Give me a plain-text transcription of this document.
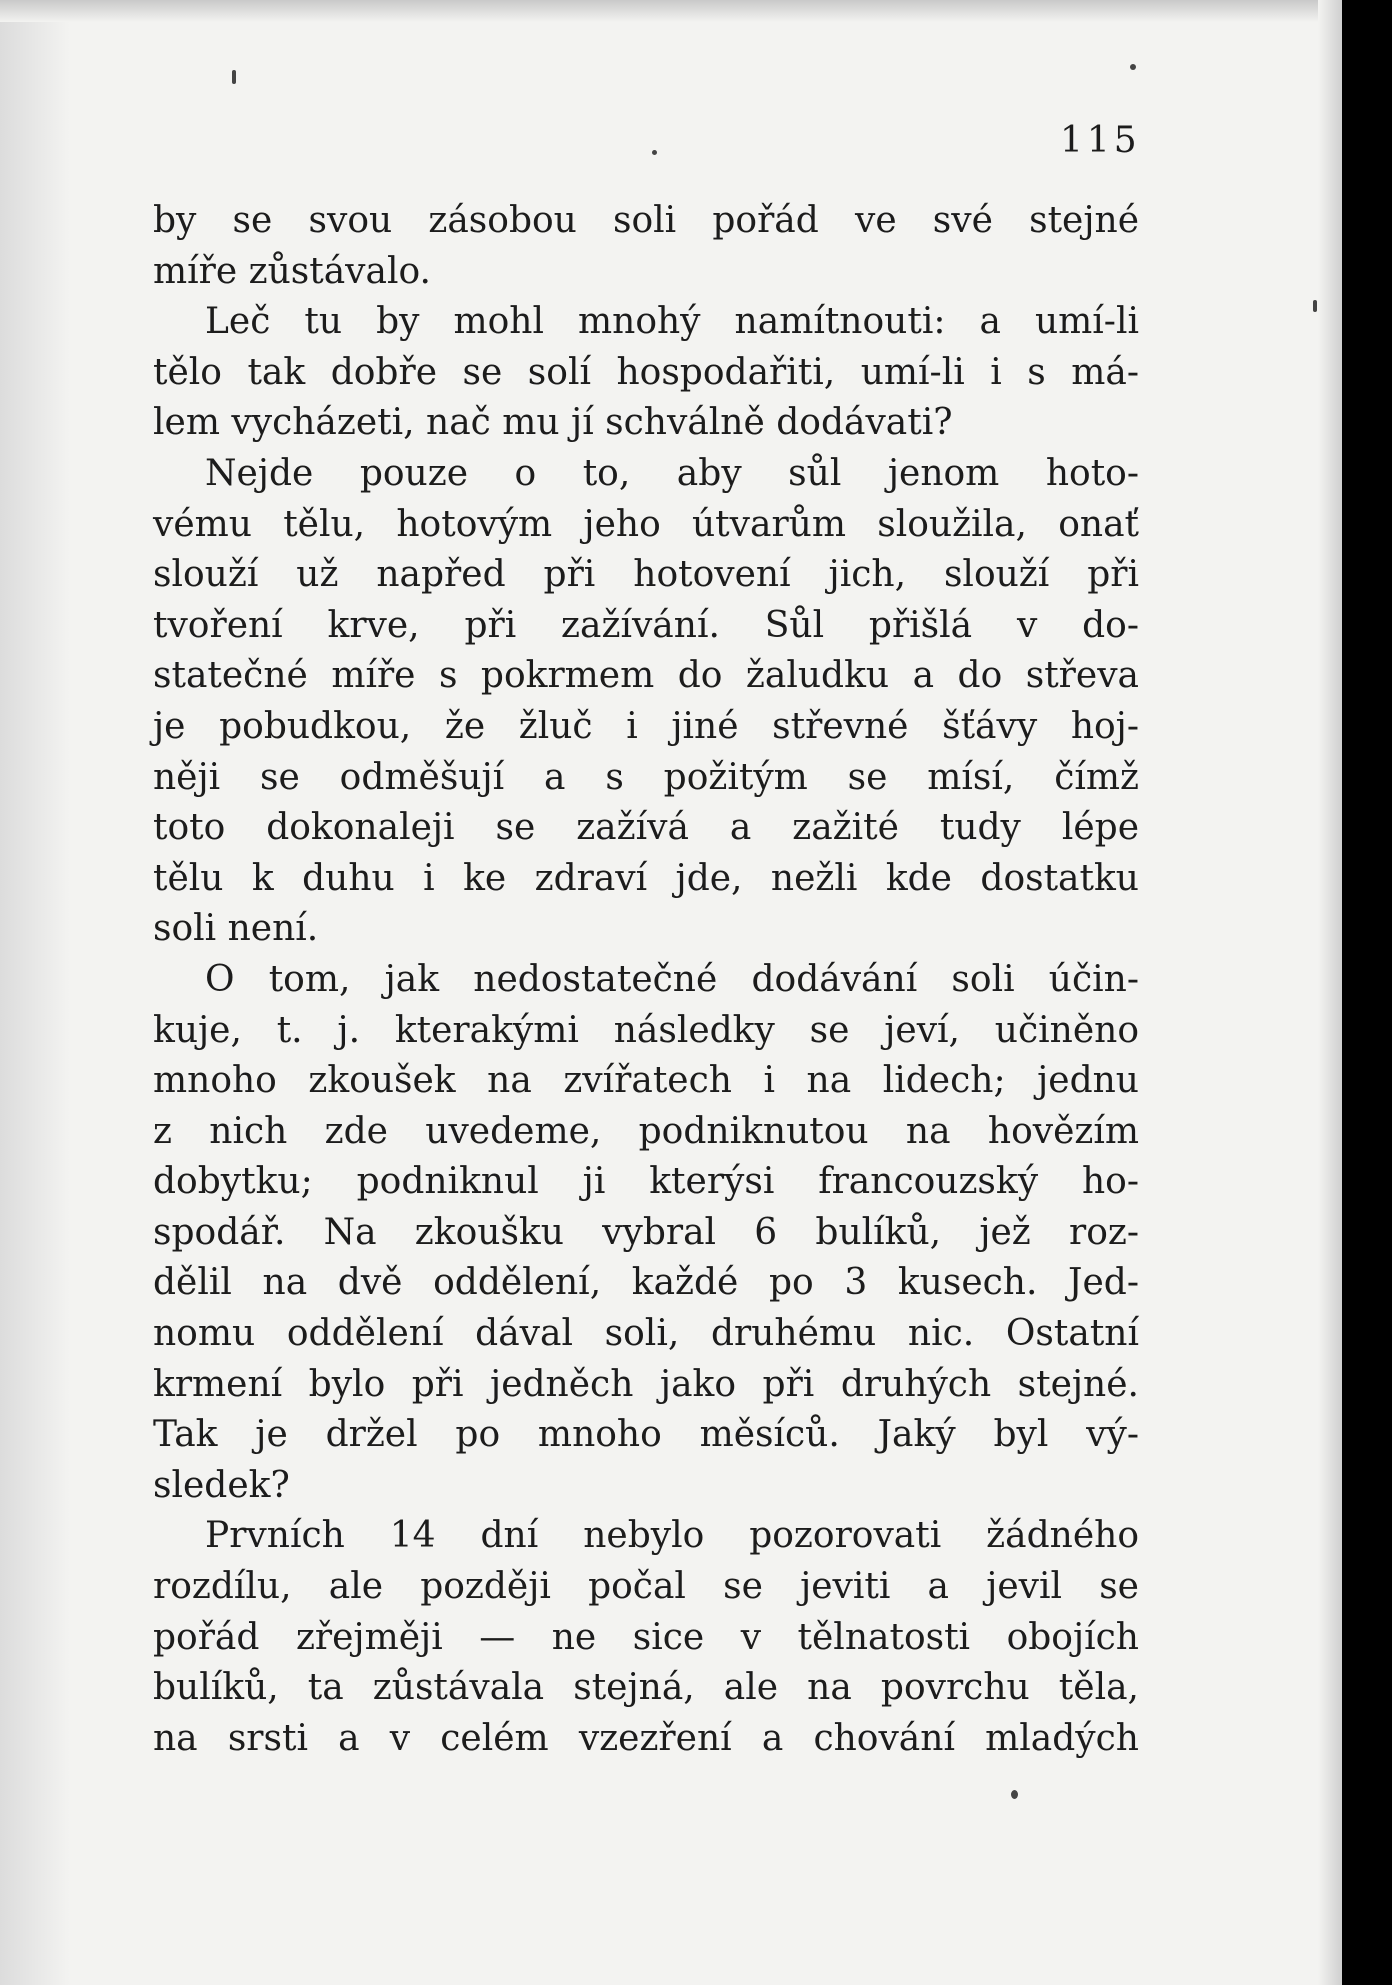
115
by se svou zásobou soli pořád ve své stejné
míře zůstávalo.
Leč tu by mohl mnohý namítnouti: a umí-li
tělo tak dobře se solí hospodařiti, umí-li i s má-
lem vycházeti, nač mu jí schválně dodávati?
Nejde pouze o to, aby sůl jenom hoto-
vému tělu, hotovým jeho útvarům sloužila, onať
slouží už napřed při hotovení jich, slouží při
tvoření krve, při zažívání. Sůl přišlá v do-
statečné míře s pokrmem do žaludku a do střeva
je pobudkou, že žluč i jiné střevné šťávy hoj-
něji se odměšují a s požitým se mísí, čímž
toto dokonaleji se zažívá a zažité tudy lépe
tělu k duhu i ke zdraví jde, nežli kde dostatku
soli není.
O tom, jak nedostatečné dodávání soli účin-
kuje, t. j. kterakými následky se jeví, učiněno
mnoho zkoušek na zvířatech i na lidech; jednu
z nich zde uvedeme, podniknutou na hovězím
dobytku; podniknul ji kterýsi francouzský ho-
spodář. Na zkoušku vybral 6 bulíků, jež roz-
dělil na dvě oddělení, každé po 3 kusech. Jed-
nomu oddělení dával soli, druhému nic. Ostatní
krmení bylo při jedněch jako při druhých stejné.
Tak je držel po mnoho měsíců. Jaký byl vý-
sledek?
Prvních 14 dní nebylo pozorovati žádného
rozdílu, ale později počal se jeviti a jevil se
pořád zřejměji — ne sice v tělnatosti obojích
bulíků, ta zůstávala stejná, ale na povrchu těla,
na srsti a v celém vzezření a chování mladých
